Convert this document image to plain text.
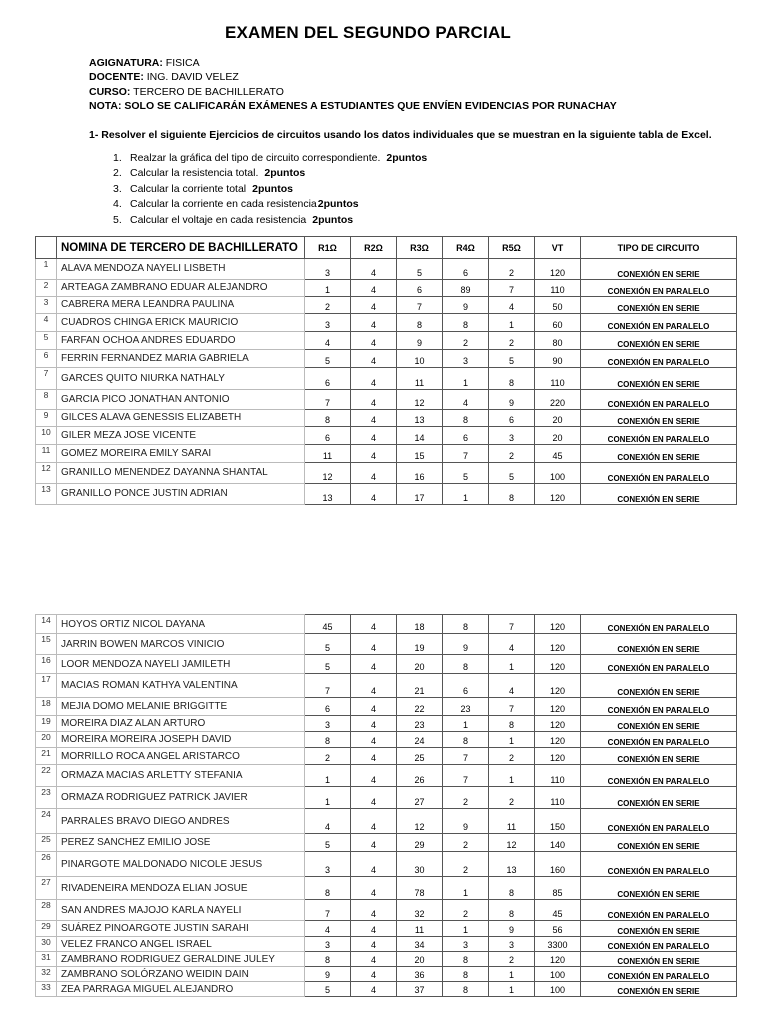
EXAMEN DEL SEGUNDO PARCIAL
AGIGNATURA: FISICA
DOCENTE: ING. DAVID VELEZ
CURSO: TERCERO DE BACHILLERATO
NOTA: SOLO SE CALIFICARÁN EXÁMENES A ESTUDIANTES QUE ENVÍEN EVIDENCIAS POR RUNACHAY
1- Resolver el siguiente Ejercicios de circuitos usando los datos individuales que se muestran en la siguiente tabla de Excel.
1. Realzar la gráfica del tipo de circuito correspondiente. 2puntos
2. Calcular la resistencia total. 2puntos
3. Calcular la corriente total 2puntos
4. Calcular la corriente en cada resistencia2puntos
5. Calcular el voltaje en cada resistencia 2puntos
	NOMINA DE TERCERO DE BACHILLERATO	R1Ω	R2Ω	R3Ω	R4Ω	R5Ω	VT	TIPO DE CIRCUITO
1	ALAVA MENDOZA NAYELI LISBETH	3	4	5	6	2	120	CONEXIÓN EN SERIE
2	ARTEAGA ZAMBRANO EDUAR ALEJANDRO	1	4	6	89	7	110	CONEXIÓN EN PARALELO
3	CABRERA MERA LEANDRA PAULINA	2	4	7	9	4	50	CONEXIÓN EN SERIE
4	CUADROS CHINGA ERICK MAURICIO	3	4	8	8	1	60	CONEXIÓN EN PARALELO
5	FARFAN OCHOA ANDRES EDUARDO	4	4	9	2	2	80	CONEXIÓN EN SERIE
6	FERRIN FERNANDEZ MARIA GABRIELA	5	4	10	3	5	90	CONEXIÓN EN PARALELO
7	GARCES QUITO NIURKA NATHALY	6	4	11	1	8	110	CONEXIÓN EN SERIE
8	GARCIA PICO JONATHAN ANTONIO	7	4	12	4	9	220	CONEXIÓN EN PARALELO
9	GILCES ALAVA GENESSIS ELIZABETH	8	4	13	8	6	20	CONEXIÓN EN SERIE
10	GILER MEZA JOSE VICENTE	6	4	14	6	3	20	CONEXIÓN EN PARALELO
11	GOMEZ MOREIRA EMILY SARAI	11	4	15	7	2	45	CONEXIÓN EN SERIE
12	GRANILLO MENENDEZ DAYANNA SHANTAL	12	4	16	5	5	100	CONEXIÓN EN PARALELO
13	GRANILLO PONCE JUSTIN ADRIAN	13	4	17	1	8	120	CONEXIÓN EN SERIE
14	HOYOS ORTIZ NICOL DAYANA	45	4	18	8	7	120	CONEXIÓN EN PARALELO
15	JARRIN BOWEN MARCOS VINICIO	5	4	19	9	4	120	CONEXIÓN EN SERIE
16	LOOR MENDOZA NAYELI JAMILETH	5	4	20	8	1	120	CONEXIÓN EN PARALELO
17	MACIAS ROMAN KATHYA VALENTINA	7	4	21	6	4	120	CONEXIÓN EN SERIE
18	MEJIA DOMO MELANIE BRIGGITTE	6	4	22	23	7	120	CONEXIÓN EN PARALELO
19	MOREIRA DIAZ ALAN ARTURO	3	4	23	1	8	120	CONEXIÓN EN SERIE
20	MOREIRA MOREIRA JOSEPH DAVID	8	4	24	8	1	120	CONEXIÓN EN PARALELO
21	MORRILLO ROCA ANGEL ARISTARCO	2	4	25	7	2	120	CONEXIÓN EN SERIE
22	ORMAZA MACIAS ARLETTY STEFANIA	1	4	26	7	1	110	CONEXIÓN EN PARALELO
23	ORMAZA RODRIGUEZ PATRICK JAVIER	1	4	27	2	2	110	CONEXIÓN EN SERIE
24	PARRALES BRAVO DIEGO ANDRES	4	4	12	9	11	150	CONEXIÓN EN PARALELO
25	PEREZ SANCHEZ EMILIO JOSE	5	4	29	2	12	140	CONEXIÓN EN SERIE
26	PINARGOTE MALDONADO NICOLE JESUS	3	4	30	2	13	160	CONEXIÓN EN PARALELO
27	RIVADENEIRA MENDOZA ELIAN JOSUE	8	4	78	1	8	85	CONEXIÓN EN SERIE
28	SAN ANDRES MAJOJO KARLA NAYELI	7	4	32	2	8	45	CONEXIÓN EN PARALELO
29	SUÁREZ PINOARGOTE JUSTIN SARAHI	4	4	11	1	9	56	CONEXIÓN EN SERIE
30	VELEZ FRANCO ANGEL ISRAEL	3	4	34	3	3	3300	CONEXIÓN EN PARALELO
31	ZAMBRANO RODRIGUEZ GERALDINE JULEY	8	4	20	8	2	120	CONEXIÓN EN SERIE
32	ZAMBRANO SOLÓRZANO WEIDIN DAIN	9	4	36	8	1	100	CONEXIÓN EN PARALELO
33	ZEA PARRAGA MIGUEL ALEJANDRO	5	4	37	8	1	100	CONEXIÓN EN SERIE
